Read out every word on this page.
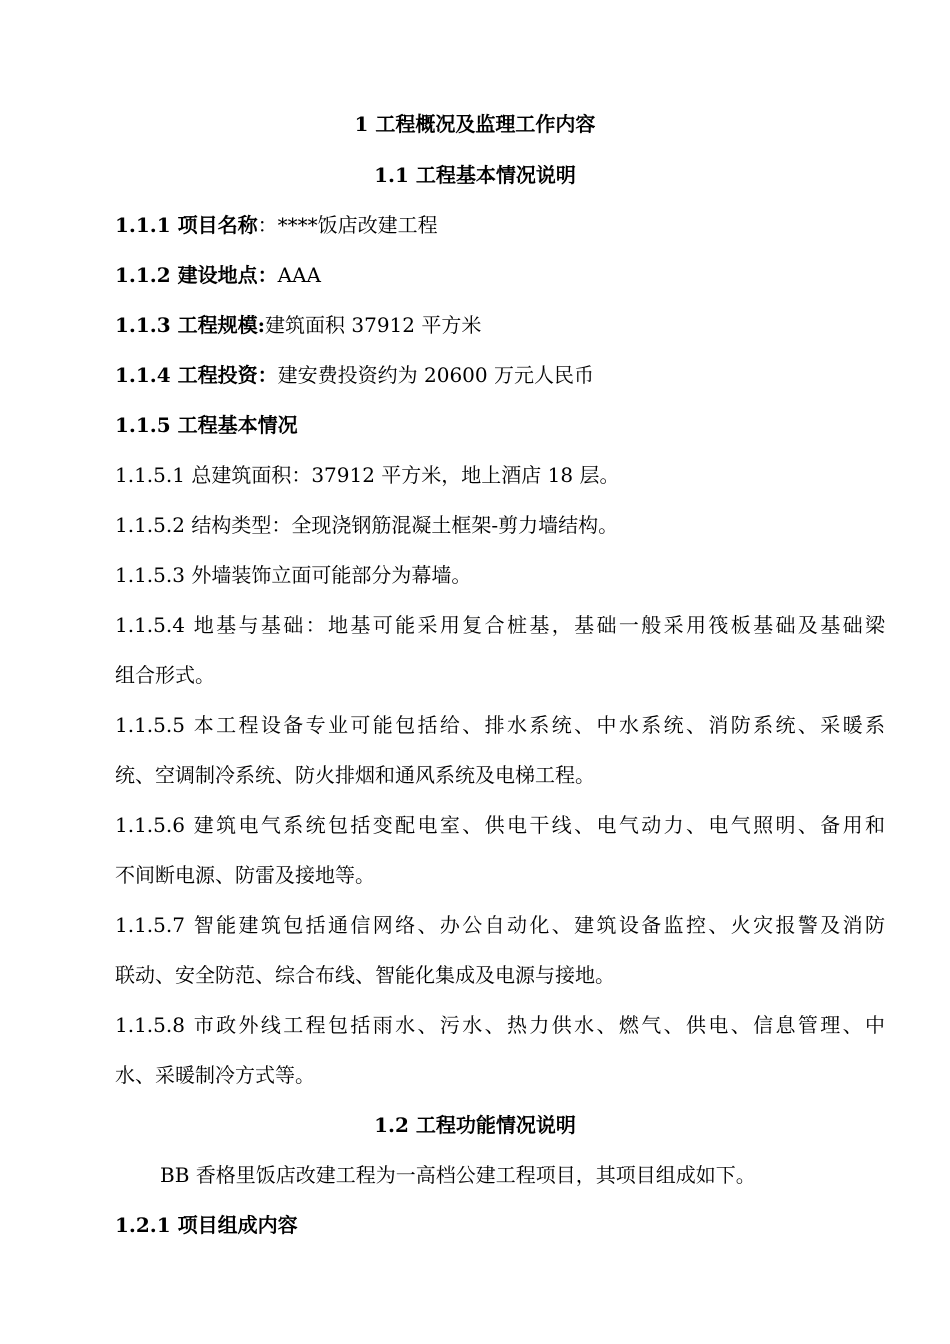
1 工程概况及监理工作内容
1.1 工程基本情况说明
1.1.1 项目名称：****饭店改建工程
1.1.2 建设地点：AAA
1.1.3 工程规模:建筑面积 37912 平方米
1.1.4 工程投资：建安费投资约为 20600 万元人民币
1.1.5 工程基本情况
1.1.5.1 总建筑面积：37912 平方米，地上酒店 18 层。
1.1.5.2 结构类型：全现浇钢筋混凝土框架-剪力墙结构。
1.1.5.3 外墙装饰立面可能部分为幕墙。
1.1.5.4 地基与基础：地基可能采用复合桩基，基础一般采用筏板基础及基础梁
组合形式。
1.1.5.5 本工程设备专业可能包括给、排水系统、中水系统、消防系统、采暖系
统、空调制冷系统、防火排烟和通风系统及电梯工程。
1.1.5.6 建筑电气系统包括变配电室、供电干线、电气动力、电气照明、备用和
不间断电源、防雷及接地等。
1.1.5.7 智能建筑包括通信网络、办公自动化、建筑设备监控、火灾报警及消防
联动、安全防范、综合布线、智能化集成及电源与接地。
1.1.5.8 市政外线工程包括雨水、污水、热力供水、燃气、供电、信息管理、中
水、采暖制冷方式等。
1.2 工程功能情况说明
BB 香格里饭店改建工程为一高档公建工程项目，其项目组成如下。
1.2.1 项目组成内容
